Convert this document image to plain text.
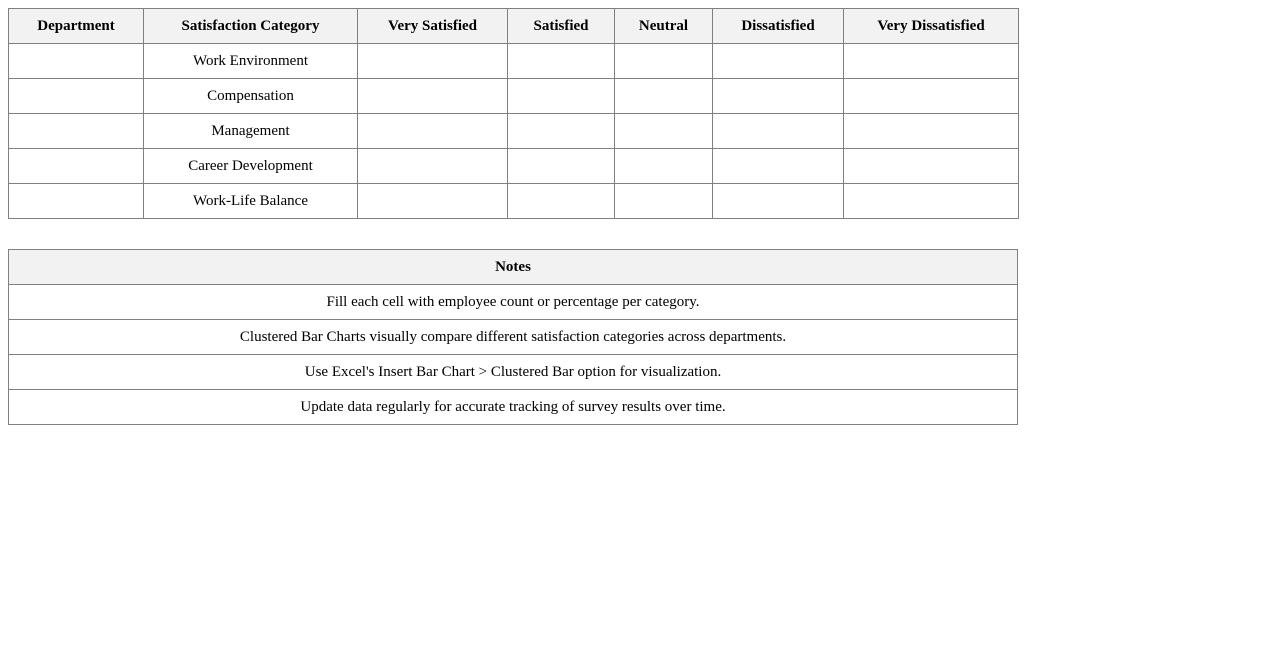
Department	Satisfaction Category	Very Satisfied	Satisfied	Neutral	Dissatisfied	Very Dissatisfied
	Work Environment					
	Compensation					
	Management					
	Career Development					
	Work-Life Balance					
Notes
Fill each cell with employee count or percentage per category.
Clustered Bar Charts visually compare different satisfaction categories across departments.
Use Excel's Insert Bar Chart > Clustered Bar option for visualization.
Update data regularly for accurate tracking of survey results over time.
